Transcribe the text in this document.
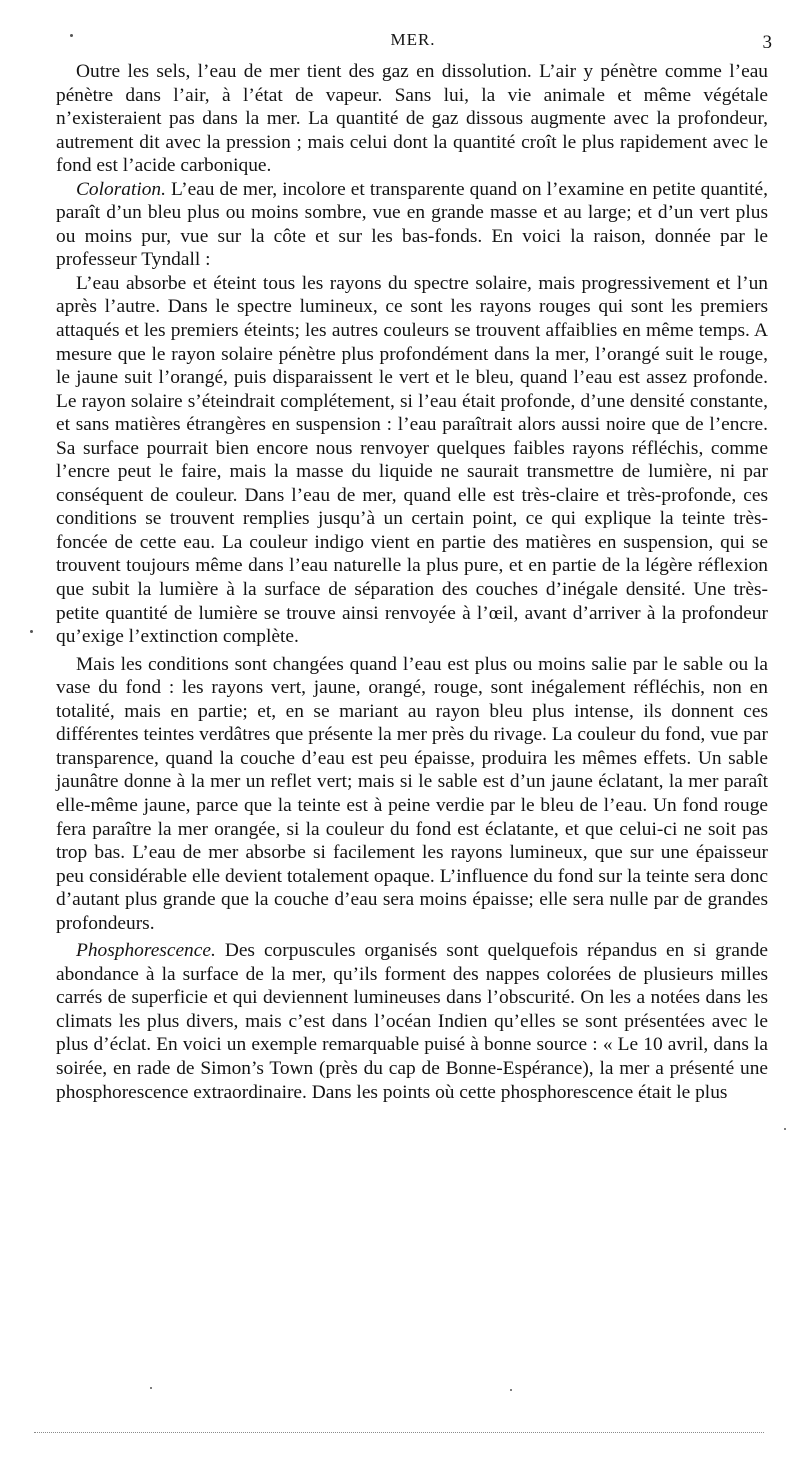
MER.	3

Outre les sels, l’eau de mer tient des gaz en dissolution. L’air y pénètre comme l’eau pénètre dans l’air, à l’état de vapeur. Sans lui, la vie animale et même végétale n’existeraient pas dans la mer. La quantité de gaz dissous augmente avec la profondeur, autrement dit avec la pression ; mais celui dont la quantité croît le plus rapidement avec le fond est l’acide carbonique.

Coloration. L’eau de mer, incolore et transparente quand on l’examine en petite quantité, paraît d’un bleu plus ou moins sombre, vue en grande masse et au large; et d’un vert plus ou moins pur, vue sur la côte et sur les bas-fonds. En voici la raison, donnée par le professeur Tyndall :

L’eau absorbe et éteint tous les rayons du spectre solaire, mais progressivement et l’un après l’autre. Dans le spectre lumineux, ce sont les rayons rouges qui sont les premiers attaqués et les premiers éteints; les autres couleurs se trouvent affaiblies en même temps. A mesure que le rayon solaire pénètre plus profondément dans la mer, l’orangé suit le rouge, le jaune suit l’orangé, puis disparaissent le vert et le bleu, quand l’eau est assez profonde. Le rayon solaire s’éteindrait complétement, si l’eau était profonde, d’une densité constante, et sans matières étrangères en suspension : l’eau paraîtrait alors aussi noire que de l’encre. Sa surface pourrait bien encore nous renvoyer quelques faibles rayons réfléchis, comme l’encre peut le faire, mais la masse du liquide ne saurait transmettre de lumière, ni par conséquent de couleur. Dans l’eau de mer, quand elle est très-claire et très-profonde, ces conditions se trouvent remplies jusqu’à un certain point, ce qui explique la teinte très-foncée de cette eau. La couleur indigo vient en partie des matières en suspension, qui se trouvent toujours même dans l’eau naturelle la plus pure, et en partie de la légère réflexion que subit la lumière à la surface de séparation des couches d’inégale densité. Une très-petite quantité de lumière se trouve ainsi renvoyée à l’œil, avant d’arriver à la profondeur qu’exige l’extinction complète.

Mais les conditions sont changées quand l’eau est plus ou moins salie par le sable ou la vase du fond : les rayons vert, jaune, orangé, rouge, sont inégalement réfléchis, non en totalité, mais en partie; et, en se mariant au rayon bleu plus intense, ils donnent ces différentes teintes verdâtres que présente la mer près du rivage. La couleur du fond, vue par transparence, quand la couche d’eau est peu épaisse, produira les mêmes effets. Un sable jaunâtre donne à la mer un reflet vert; mais si le sable est d’un jaune éclatant, la mer paraît elle-même jaune, parce que la teinte est à peine verdie par le bleu de l’eau. Un fond rouge fera paraître la mer orangée, si la couleur du fond est éclatante, et que celui-ci ne soit pas trop bas. L’eau de mer absorbe si facilement les rayons lumineux, que sur une épaisseur peu considérable elle devient totalement opaque. L’influence du fond sur la teinte sera donc d’autant plus grande que la couche d’eau sera moins épaisse; elle sera nulle par de grandes profondeurs.

Phosphorescence. Des corpuscules organisés sont quelquefois répandus en si grande abondance à la surface de la mer, qu’ils forment des nappes colorées de plusieurs milles carrés de superficie et qui deviennent lumineuses dans l’obscurité. On les a notées dans les climats les plus divers, mais c’est dans l’océan Indien qu’elles se sont présentées avec le plus d’éclat. En voici un exemple remarquable puisé à bonne source : « Le 10 avril, dans la soirée, en rade de Simon’s Town (près du cap de Bonne-Espérance), la mer a présenté une phosphorescence extraordinaire. Dans les points où cette phosphorescence était le plus
